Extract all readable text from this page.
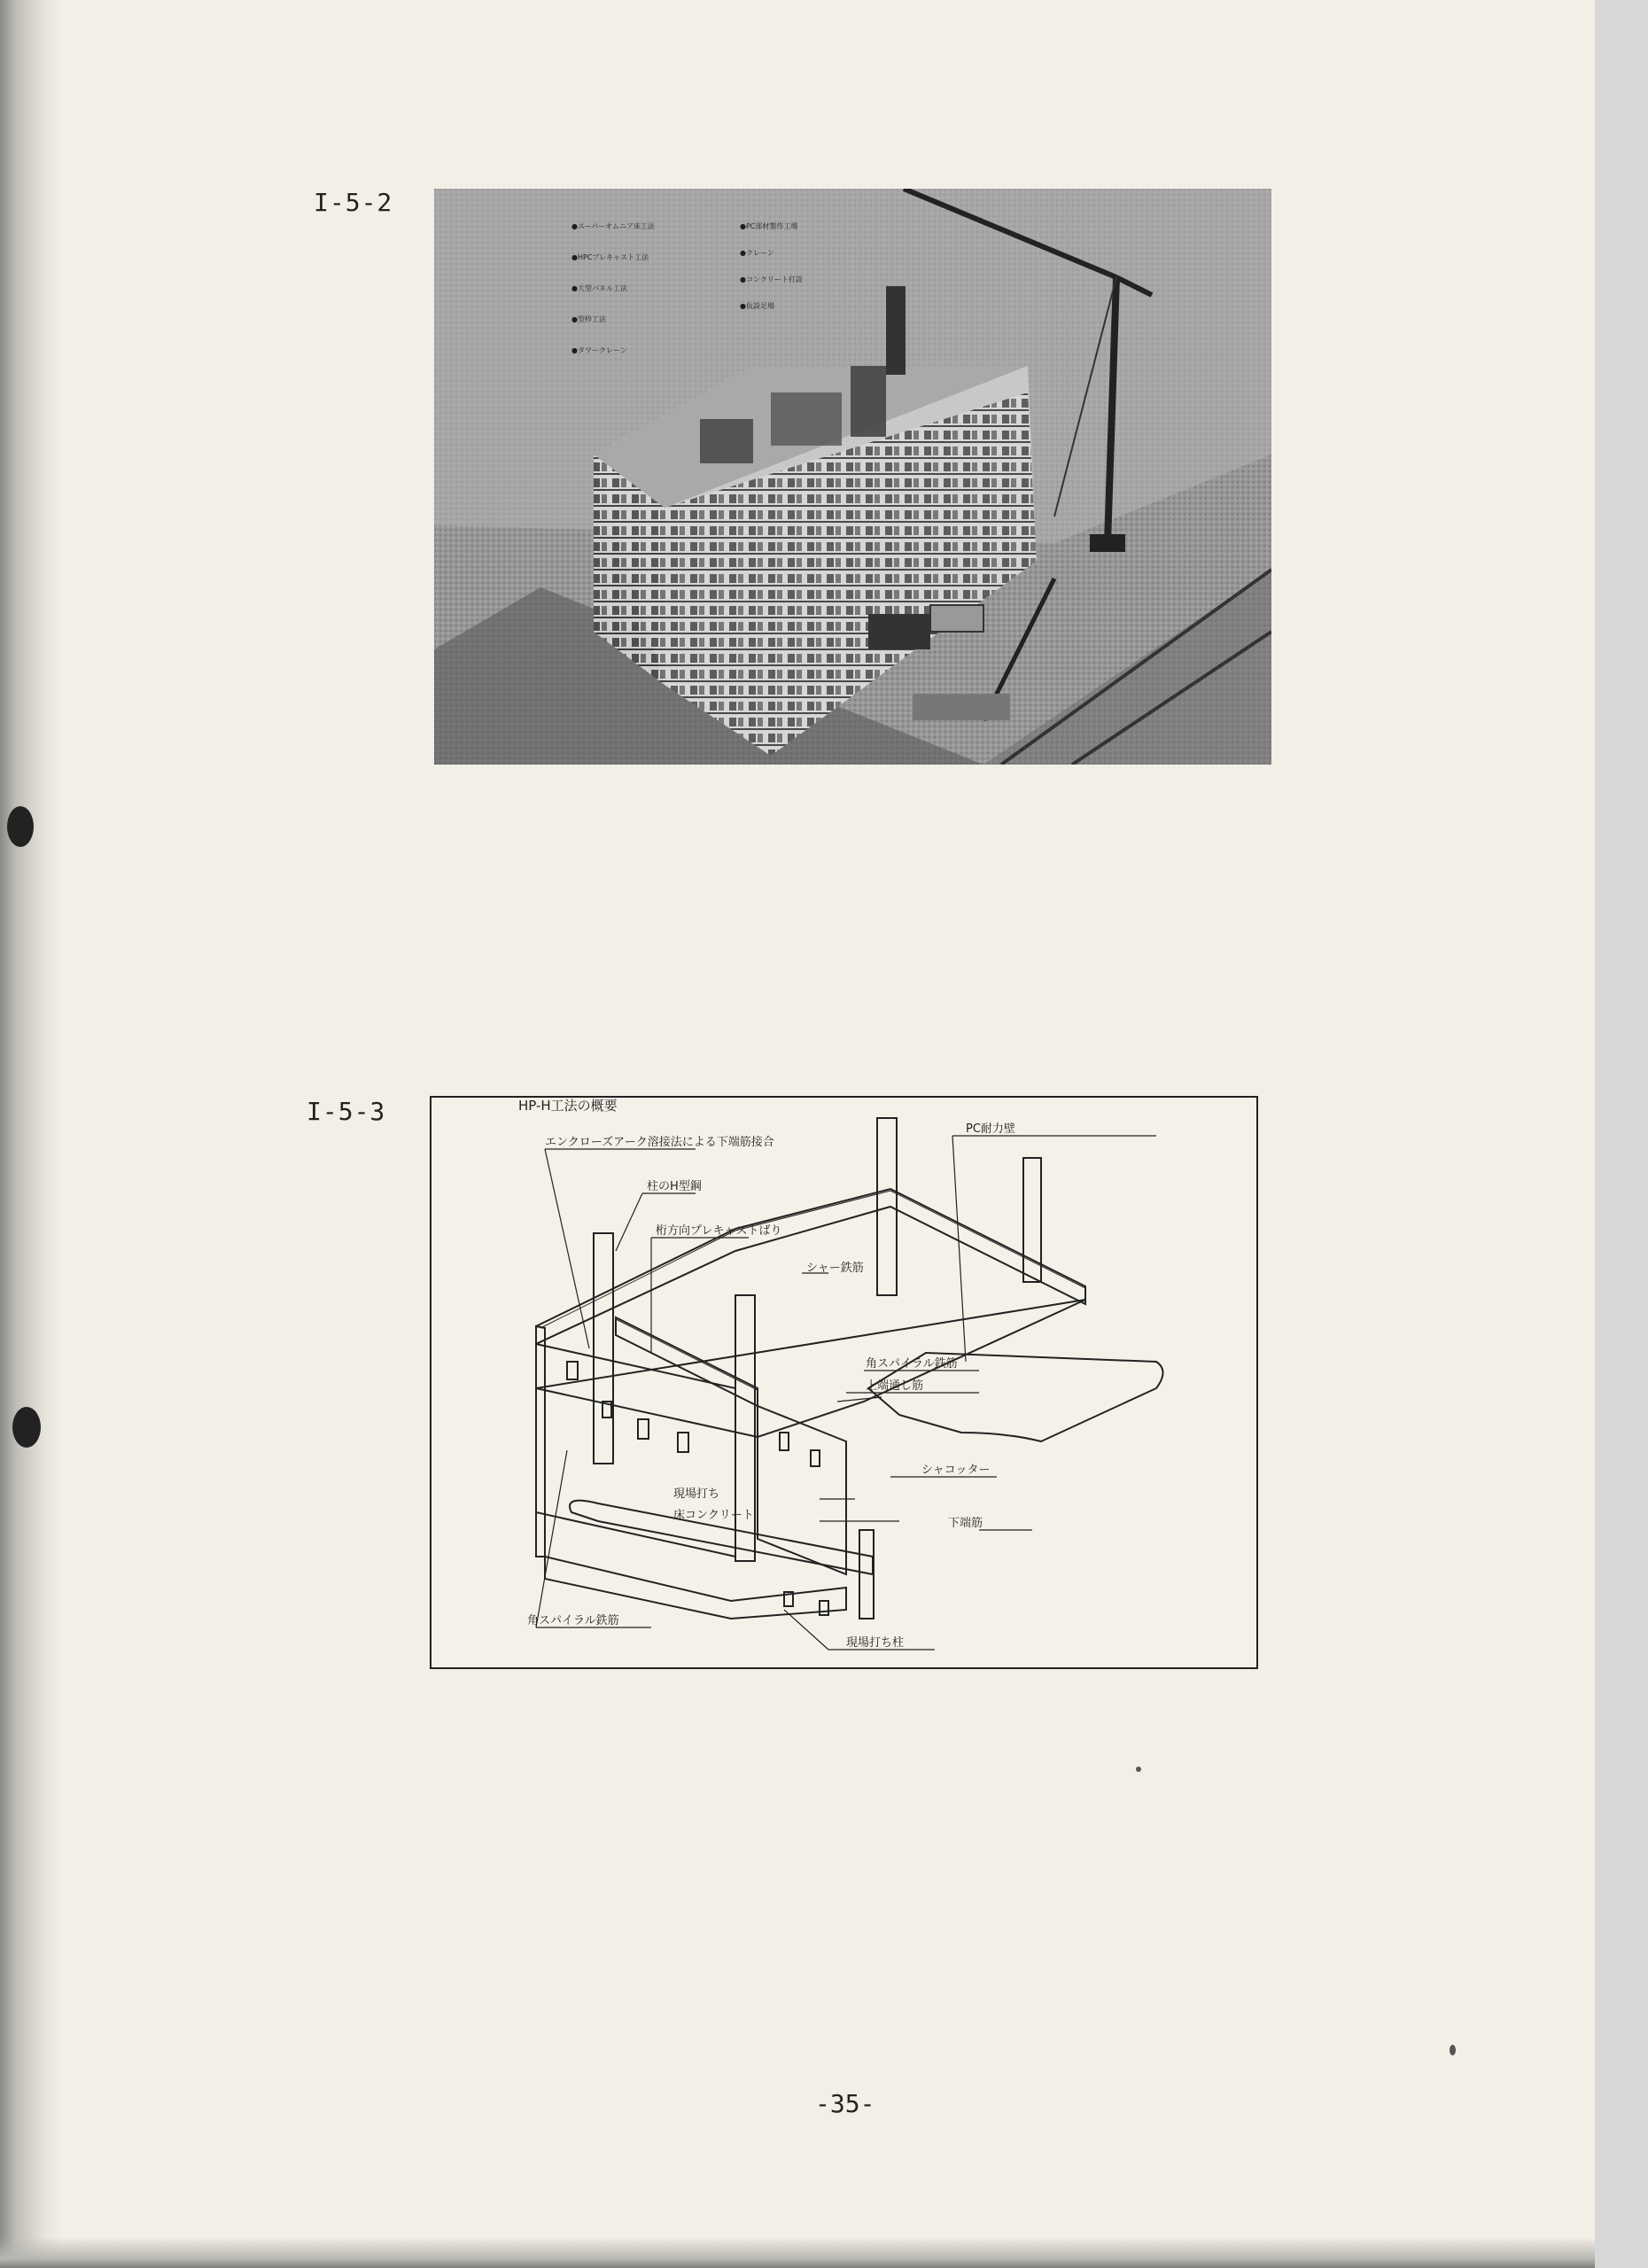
I-5-2
●スーパーオムニア床工法
●HPCプレキャスト工法
●大型パネル工法
●型枠工法
●タワークレーン
●PC部材製作工場
●クレーン
●コンクリート打設
●仮設足場
I-5-3	HP-H工法の概要
エンクローズアーク溶接法による下端筋接合
柱のH型鋼
桁方向プレキャストばり
シャー鉄筋
PC耐力壁
角スパイラル鉄筋
上端通し筋
シャコッター
現場打ち
床コンクリート
下端筋
角スパイラル鉄筋
現場打ち柱
-35-
